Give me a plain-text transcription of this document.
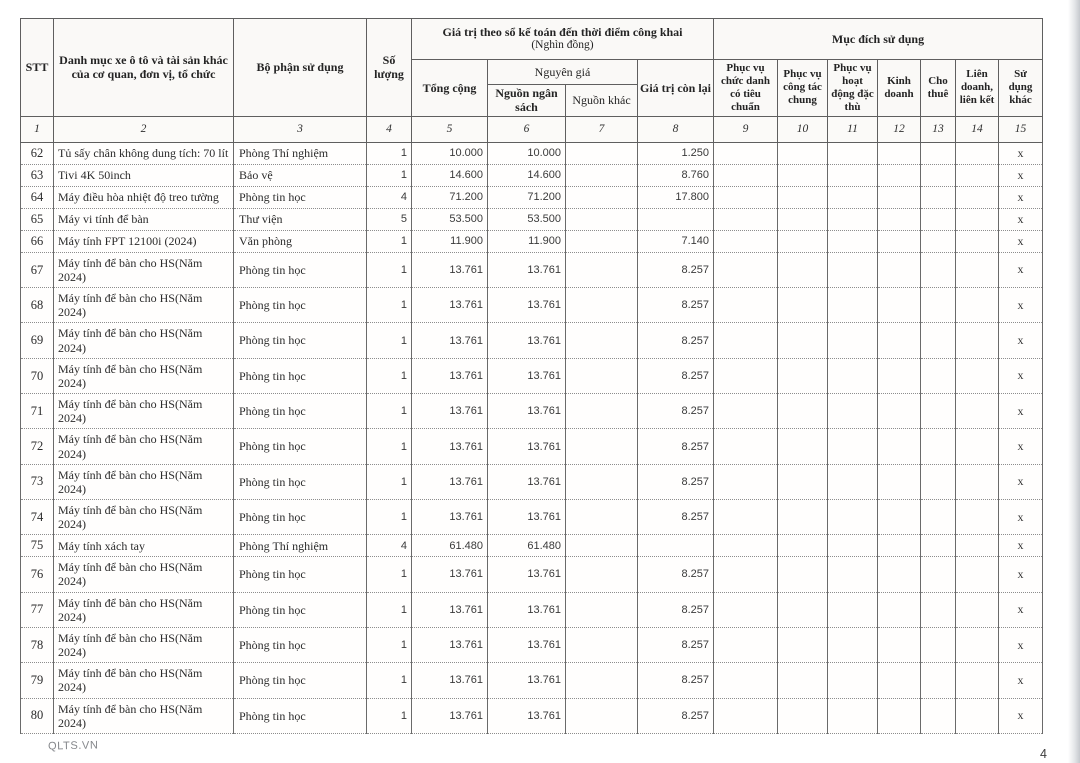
STT	Danh mục xe ô tô và tài sản khác của cơ quan, đơn vị, tổ chức	Bộ phận sử dụng	Số lượng	Giá trị theo sổ kế toán đến thời điểm công khai
(Nghìn đồng)				Mục đích sử dụng						
				Tổng cộng	Nguyên giá		Giá trị còn lại	Phục vụ chức danh có tiêu chuẩn	Phục vụ công tác chung	Phục vụ hoạt động đặc thù	Kinh doanh	Cho thuê	Liên doanh, liên kết	Sử dụng khác
					Nguồn ngân sách	Nguồn khác								
1	2	3	4	5	6	7	8	9	10	11	12	13	14	15
62	Tủ sấy chân không dung tích: 70 lít	Phòng Thí nghiệm	1	10.000	10.000		1.250							x
63	Tivi 4K 50inch	Bảo vệ	1	14.600	14.600		8.760							x
64	Máy điều hòa nhiệt độ treo tường	Phòng tin học	4	71.200	71.200		17.800							x
65	Máy vi tính để bàn	Thư viện	5	53.500	53.500									x
66	Máy tính FPT 12100i (2024)	Văn phòng	1	11.900	11.900		7.140							x
67	Máy tính để bàn cho HS(Năm 2024)	Phòng tin học	1	13.761	13.761		8.257							x
68	Máy tính để bàn cho HS(Năm 2024)	Phòng tin học	1	13.761	13.761		8.257							x
69	Máy tính để bàn cho HS(Năm 2024)	Phòng tin học	1	13.761	13.761		8.257							x
70	Máy tính để bàn cho HS(Năm 2024)	Phòng tin học	1	13.761	13.761		8.257							x
71	Máy tính để bàn cho HS(Năm 2024)	Phòng tin học	1	13.761	13.761		8.257							x
72	Máy tính để bàn cho HS(Năm 2024)	Phòng tin học	1	13.761	13.761		8.257							x
73	Máy tính để bàn cho HS(Năm 2024)	Phòng tin học	1	13.761	13.761		8.257							x
74	Máy tính để bàn cho HS(Năm 2024)	Phòng tin học	1	13.761	13.761		8.257							x
75	Máy tính xách tay	Phòng Thí nghiệm	4	61.480	61.480									x
76	Máy tính để bàn cho HS(Năm 2024)	Phòng tin học	1	13.761	13.761		8.257							x
77	Máy tính để bàn cho HS(Năm 2024)	Phòng tin học	1	13.761	13.761		8.257							x
78	Máy tính để bàn cho HS(Năm 2024)	Phòng tin học	1	13.761	13.761		8.257							x
79	Máy tính để bàn cho HS(Năm 2024)	Phòng tin học	1	13.761	13.761		8.257							x
80	Máy tính để bàn cho HS(Năm 2024)	Phòng tin học	1	13.761	13.761		8.257							x
QLTS.VN
4
